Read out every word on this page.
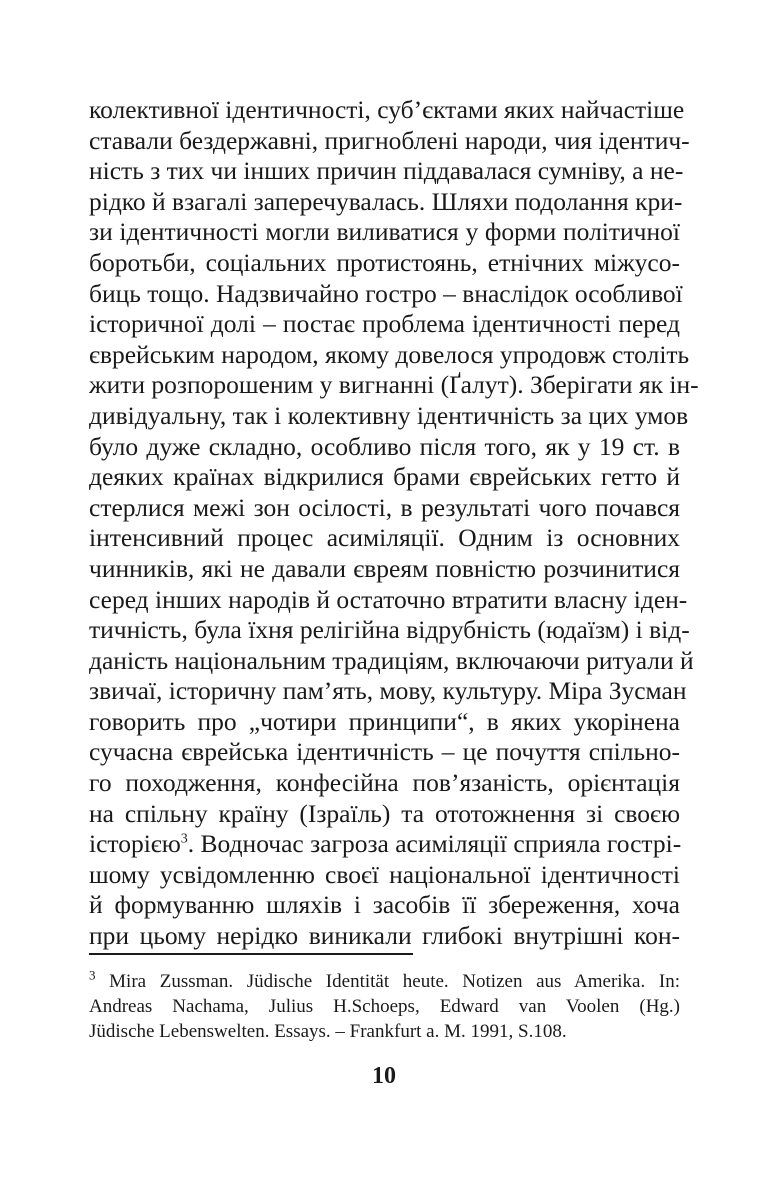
колективної ідентичності, суб’єктами яких найчастіше
ставали бездержавні, пригноблені народи, чия ідентич-
ність з тих чи інших причин піддавалася сумніву, а не-
рідко й взагалі заперечувалась. Шляхи подолання кри-
зи ідентичності могли виливатися у форми політичної
боротьби, соціальних протистоянь, етнічних міжусо-
биць тощо. Надзвичайно гостро – внаслідок особливої
історичної долі – постає проблема ідентичності перед
єврейським народом, якому довелося упродовж століть
жити розпорошеним у вигнанні (Ґалут). Зберігати як ін-
дивідуальну, так і колективну ідентичність за цих умов
було дуже складно, особливо після того, як у 19 ст. в
деяких країнах відкрилися брами єврейських гетто й
стерлися межі зон осілості, в результаті чого почався
інтенсивний процес асиміляції. Одним із основних
чинників, які не давали євреям повністю розчинитися
серед інших народів й остаточно втратити власну іден-
тичність, була їхня релігійна відрубність (юдаїзм) і від-
даність національним традиціям, включаючи ритуали й
звичаї, історичну пам’ять, мову, культуру. Міра Зусман
говорить про „чотири принципи“, в яких укорінена
сучасна єврейська ідентичність – це почуття спільно-
го походження, конфесійна пов’язаність, орієнтація
на спільну країну (Ізраїль) та ототожнення зі своєю
історією$^3$. Водночас загроза асиміляції сприяла гострі-
шому усвідомленню своєї національної ідентичності
й формуванню шляхів і засобів її збереження, хоча
при цьому нерідко виникали глибокі внутрішні кон-
$^3$ Mira Zussman. Jüdische Identität heute. Notizen aus Amerika. In:
Andreas Nachama, Julius H.Schoeps, Edward van Voolen (Hg.)
Jüdische Lebenswelten. Essays. – Frankfurt a. M. 1991, S.108.
10
